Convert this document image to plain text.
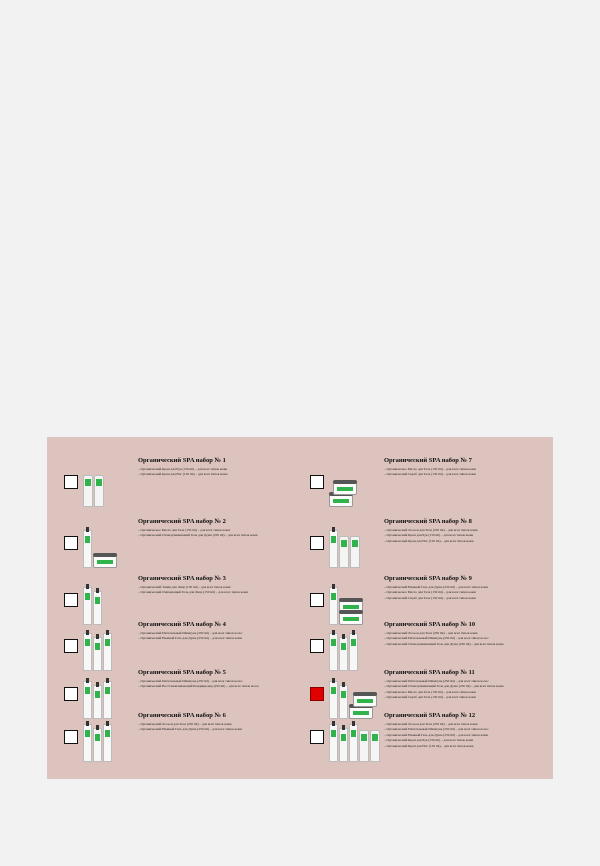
Органический SPA набор № 1
– Органический Крем для Рук (150 ml) – для всех типов кожи
– Органический Крем для Ног (150 ml) – для всех типов кожи
Органический SPA набор № 2
– Органическое Масло для Тела (150 ml) – для всех типов кожи
– Органический Отшелушивающий Гель для Душа (250 ml) – для всех типов кожи
Органический SPA набор № 3
– Органический Тоник для Лица (150 ml) – для всех типов кожи
– Органический Очищающий Гель для Лица (150 ml) – для всех типов кожи
Органический SPA набор № 4
– Органический Питательный Шампунь (250 ml) – для всех типов волос
– Органический Нежный Гель для Душа (250 ml) – для всех типов кожи
Органический SPA набор № 5
– Органический Питательный Шампунь (250 ml) – для всех типов волос
– Органический Восстанавливающий Кондиционер (250 ml) – для всех типов волос
Органический SPA набор № 6
– Органический Лосьон для Тела (250 ml) – для всех типов кожи
– Органический Нежный Гель для Душа (250 ml) – для всех типов кожи
Органический SPA набор № 7
– Органическое Масло для Тела (150 ml) – для всех типов кожи
– Органический Скраб для Тела (150 ml) – для всех типов кожи
Органический SPA набор № 8
– Органический Лосьон для Тела (250 ml) – для всех типов кожи
– Органический Крем для Рук (150 ml) – для всех типов кожи
– Органический Крем для Ног (150 ml) – для всех типов кожи
Органический SPA набор № 9
– Органический Нежный Гель для Душа (250 ml) – для всех типов кожи
– Органическое Масло для Тела (150 ml) – для всех типов кожи
– Органический Скраб для Тела (150 ml) – для всех типов кожи
Органический SPA набор № 10
– Органический Лосьон для Тела (250 ml) – для всех типов кожи
– Органический Питательный Шампунь (250 ml) – для всех типов волос
– Органический Отшелушивающий Гель для Душа (250 ml) – для всех типов кожи
Органический SPA набор № 11
– Органический Питательный Шампунь (250 ml) – для всех типов волос
– Органический Отшелушивающий Гель для Душа (250 ml) – для всех типов кожи
– Органическое Масло для Тела (150 ml) – для всех типов кожи
– Органический Скраб для Тела (150 ml) – для всех типов кожи
Органический SPA набор № 12
– Органический Лосьон для Тела (250 ml) – для всех типов кожи
– Органический Питательный Шампунь (250 ml) – для всех типов волос
– Органический Нежный Гель для Душа (250 ml) – для всех типов кожи
– Органический Крем для Рук (150 ml) – для всех типов кожи
– Органический Крем для Ног (150 ml) – для всех типов кожи
